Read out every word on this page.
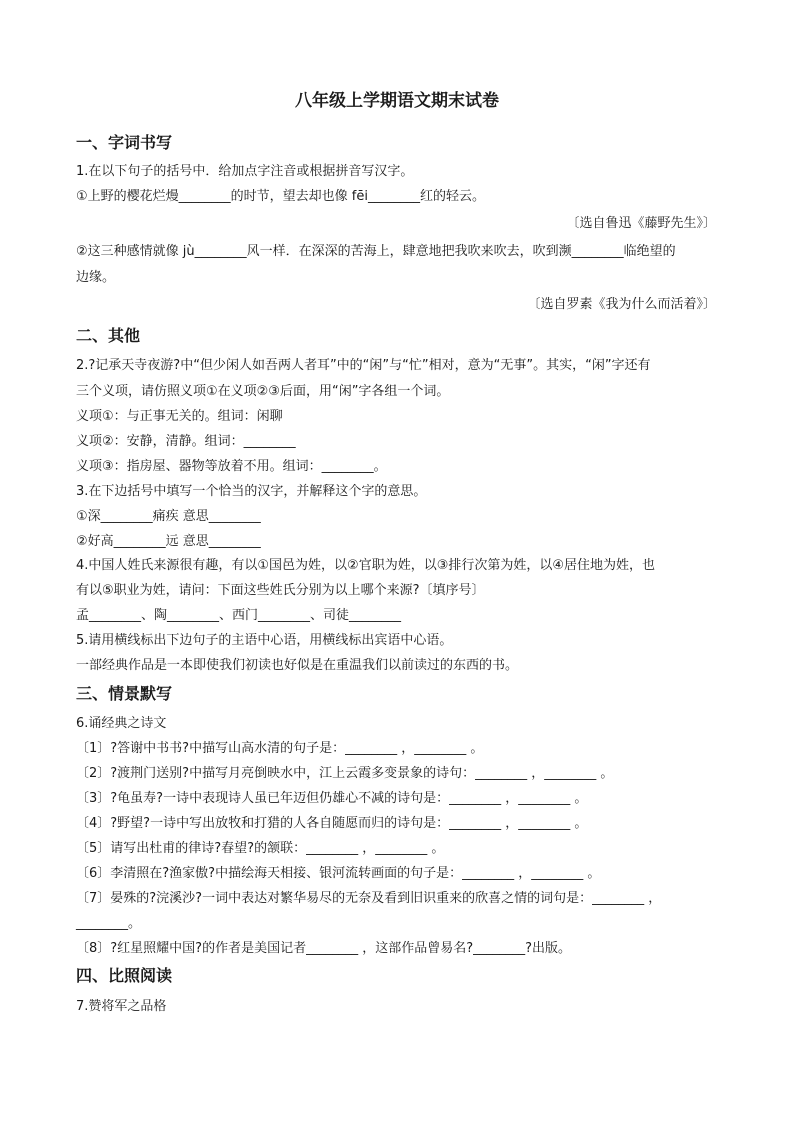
八年级上学期语文期末试卷
一、字词书写
1.在以下句子的括号中．给加点字注音或根据拼音写汉字。
①上野的樱花烂熳________的时节，望去却也像 fēi________红的轻云。
〔选自鲁迅《藤野先生》〕
②这三种感情就像 jù________风一样．在深深的苦海上，肆意地把我吹来吹去，吹到濒________临绝望的
边缘。
〔选自罗素《我为什么而活着》〕
二、其他
2.?记承天寺夜游?中“但少闲人如吾两人者耳”中的“闲”与“忙”相对，意为“无事”。其实，“闲”字还有
三个义项，请仿照义项①在义项②③后面，用“闲”字各组一个词。
义项①：与正事无关的。组词：闲聊
义项②：安静，清静。组词：________
义项③：指房屋、器物等放着不用。组词：________。
3.在下边括号中填写一个恰当的汉字，并解释这个字的意思。
①深________痛疾 意思________
②好高________远 意思________
4.中国人姓氏来源很有趣，有以①国邑为姓，以②官职为姓，以③排行次第为姓，以④居住地为姓，也
有以⑤职业为姓，请问：下面这些姓氏分别为以上哪个来源?〔填序号〕
孟________、陶________、西门________、司徒________
5.请用横线标出下边句子的主语中心语，用横线标出宾语中心语。
一部经典作品是一本即使我们初读也好似是在重温我们以前读过的东西的书。
三、情景默写
6.诵经典之诗文
〔1〕?答谢中书书?中描写山高水清的句子是：________ ，________ 。
〔2〕?渡荆门送别?中描写月亮倒映水中，江上云霞多变景象的诗句：________ ，________ 。
〔3〕?龟虽寿?一诗中表现诗人虽已年迈但仍雄心不减的诗句是：________ ，________ 。
〔4〕?野望?一诗中写出放牧和打猎的人各自随愿而归的诗句是：________ ，________ 。
〔5〕请写出杜甫的律诗?春望?的颔联：________ ，________ 。
〔6〕李清照在?渔家傲?中描绘海天相接、银河流转画面的句子是：________ ，________ 。
〔7〕晏殊的?浣溪沙?一词中表达对繁华易尽的无奈及看到旧识重来的欣喜之情的词句是：________ ，
________。
〔8〕?红星照耀中国?的作者是美国记者________ ，这部作品曾易名?________?出版。
四、比照阅读
7.赞将军之品格
